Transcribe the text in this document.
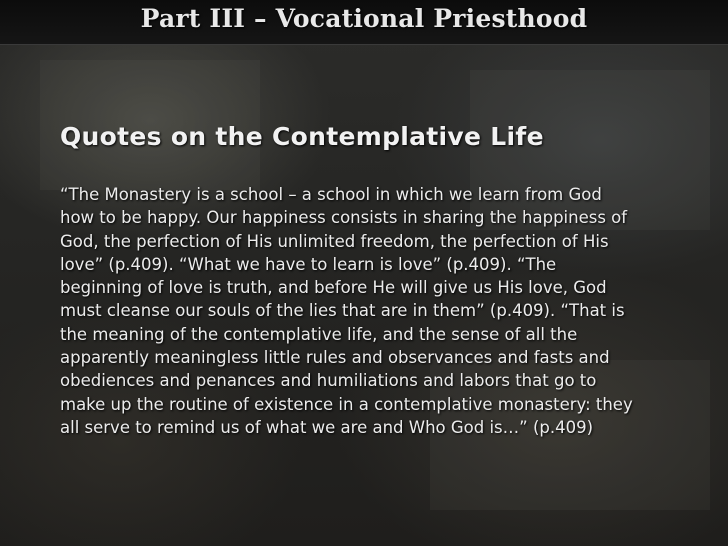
Part III – Vocational Priesthood
Quotes on the Contemplative Life
“The Monastery is a school – a school in which we learn from God
how to be happy. Our happiness consists in sharing the happiness of
God, the perfection of His unlimited freedom, the perfection of His
love” (p.409). “What we have to learn is love” (p.409). “The
beginning of love is truth, and before He will give us His love, God
must cleanse our souls of the lies that are in them” (p.409). “That is
the meaning of the contemplative life, and the sense of all the
apparently meaningless little rules and observances and fasts and
obediences and penances and humiliations and labors that go to
make up the routine of existence in a contemplative monastery: they
all serve to remind us of what we are and Who God is…” (p.409)
